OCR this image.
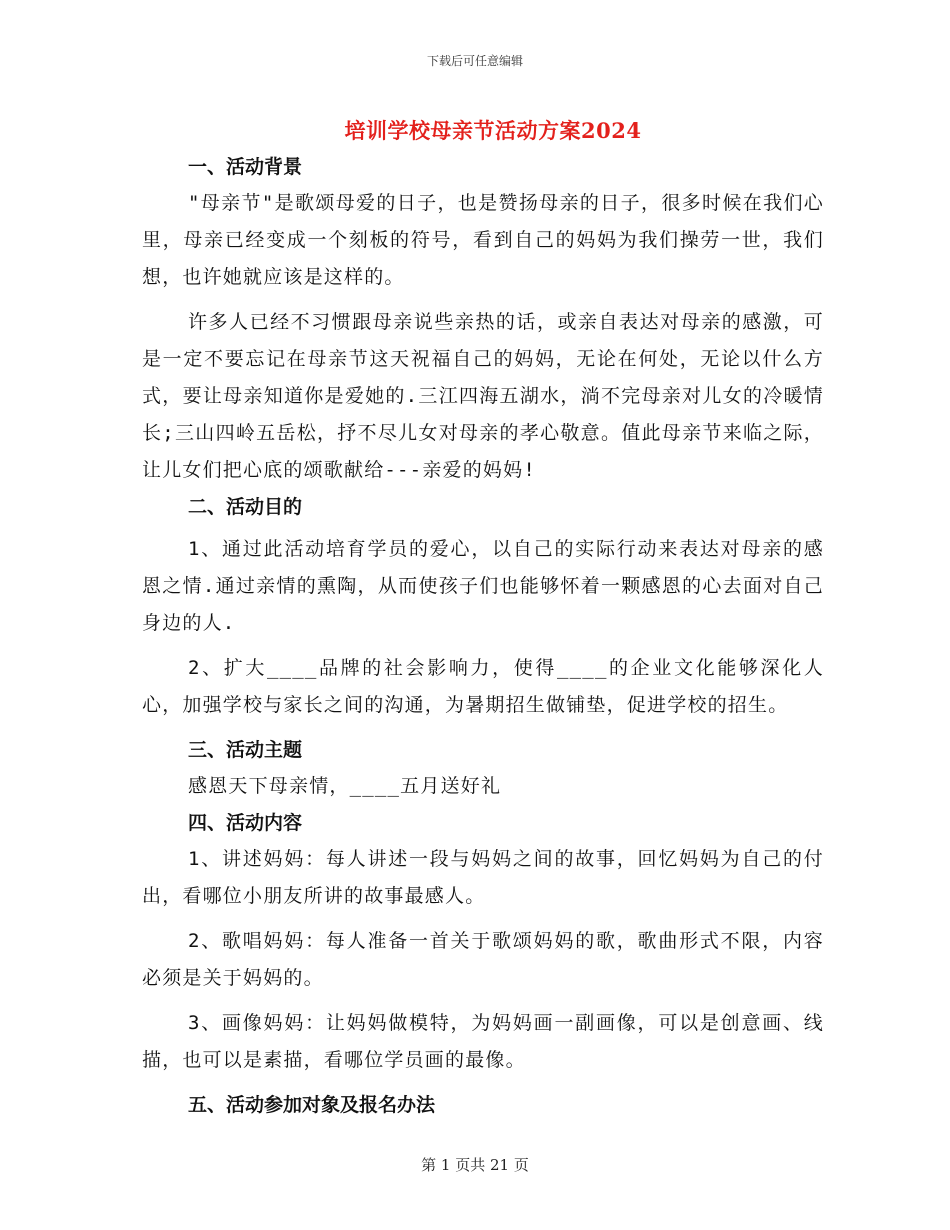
下载后可任意编辑
培训学校母亲节活动方案2024
一、活动背景

"母亲节"是歌颂母爱的日子，也是赞扬母亲的日子，很多时候在我们心里，母亲已经变成一个刻板的符号，看到自己的妈妈为我们操劳一世，我们想，也许她就应该是这样的。

许多人已经不习惯跟母亲说些亲热的话，或亲自表达对母亲的感激，可是一定不要忘记在母亲节这天祝福自己的妈妈，无论在何处，无论以什么方式，要让母亲知道你是爱她的.三江四海五湖水，淌不完母亲对儿女的冷暖情长;三山四岭五岳松，抒不尽儿女对母亲的孝心敬意。值此母亲节来临之际，让儿女们把心底的颂歌献给---亲爱的妈妈!

二、活动目的

1、通过此活动培育学员的爱心，以自己的实际行动来表达对母亲的感恩之情.通过亲情的熏陶，从而使孩子们也能够怀着一颗感恩的心去面对自己身边的人.

2、扩大____品牌的社会影响力，使得____的企业文化能够深化人心，加强学校与家长之间的沟通，为暑期招生做铺垫，促进学校的招生。

三、活动主题

感恩天下母亲情，____五月送好礼

四、活动内容

1、讲述妈妈：每人讲述一段与妈妈之间的故事，回忆妈妈为自己的付出，看哪位小朋友所讲的故事最感人。

2、歌唱妈妈：每人准备一首关于歌颂妈妈的歌，歌曲形式不限，内容必须是关于妈妈的。

3、画像妈妈：让妈妈做模特，为妈妈画一副画像，可以是创意画、线描，也可以是素描，看哪位学员画的最像。

五、活动参加对象及报名办法
第 1 页共 21 页
